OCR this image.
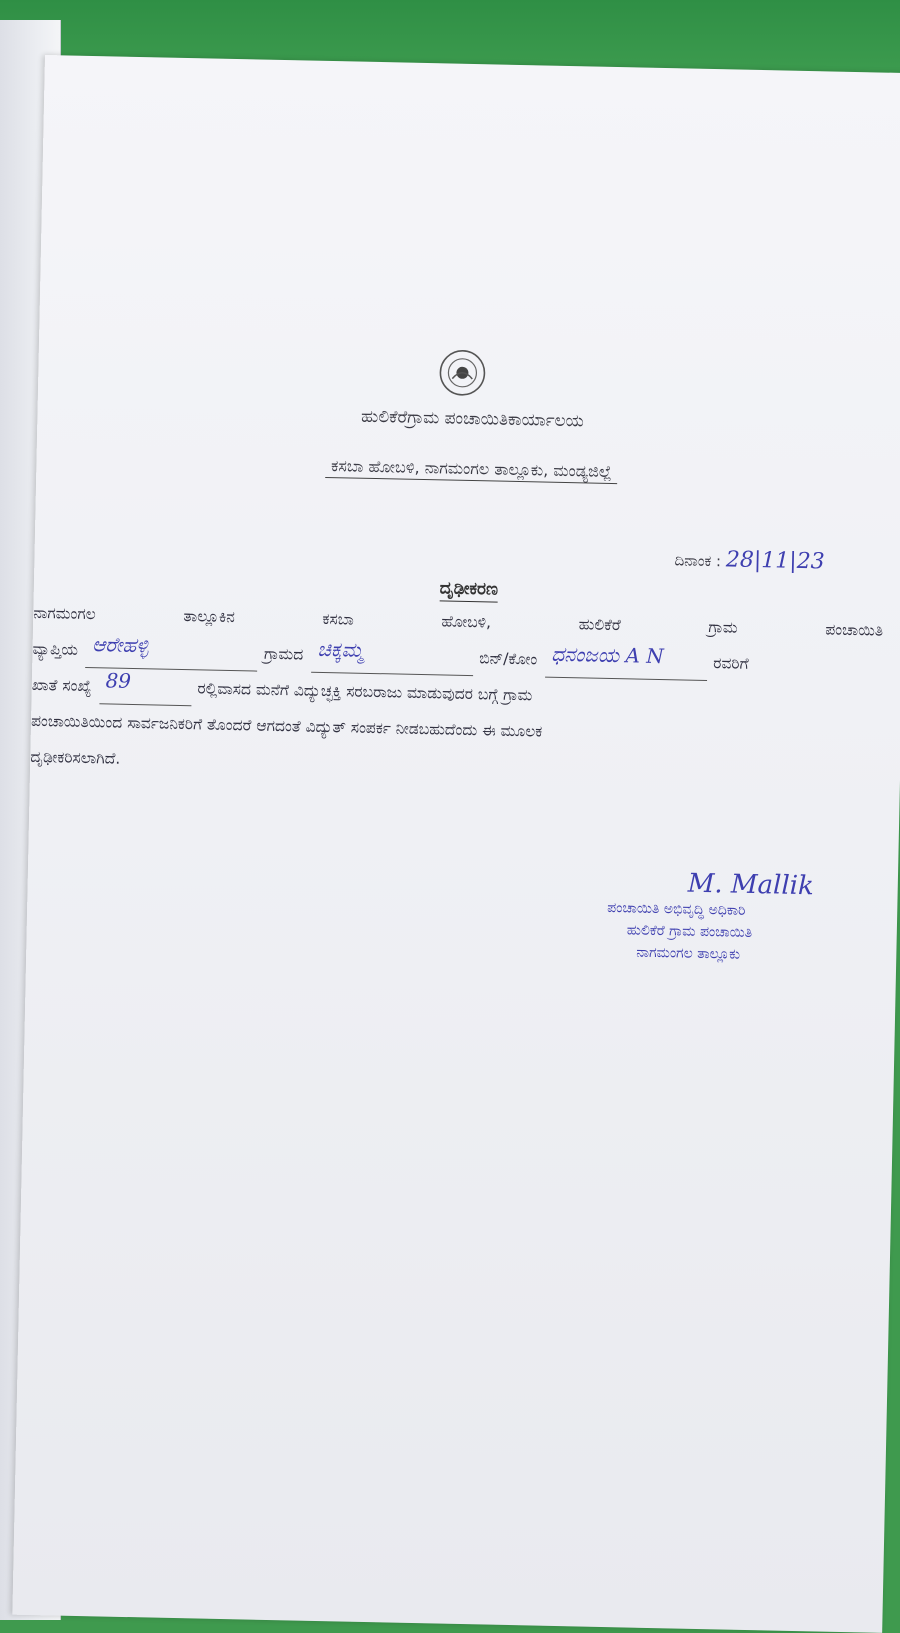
ಹುಲಿಕೆರೆಗ್ರಾಮ ಪಂಚಾಯಿತಿಕಾರ್ಯಾಲಯ
ಕಸಬಾ ಹೋಬಳಿ, ನಾಗಮಂಗಲ ತಾಲ್ಲೂಕು, ಮಂಡ್ಯಜಿಲ್ಲೆ
ದಿನಾಂಕ : 28|11|23
ದೃಢೀಕರಣ
ನಾಗಮಂಗಲ	ತಾಲ್ಲೂಕಿನ	ಕಸಬಾ	ಹೋಬಳಿ,	ಹುಲಿಕೆರೆ	ಗ್ರಾಮ	ಪಂಚಾಯಿತಿ
ವ್ಯಾಪ್ತಿಯ ಆರೇಹಳ್ಳಿ	ಗ್ರಾಮದ ಚಿಕ್ಕಮ್ಮ	ಬಿನ್/ಕೋಂ ಧನಂಜಯ A N	ರವರಿಗೆ
ಖಾತೆ ಸಂಖ್ಯೆ 89	ರಲ್ಲಿವಾಸದ ಮನೆಗೆ ವಿದ್ಯುಚ್ಛಕ್ತಿ ಸರಬರಾಜು ಮಾಡುವುದರ ಬಗ್ಗೆ ಗ್ರಾಮ
ಪಂಚಾಯಿತಿಯಿಂದ ಸಾರ್ವಜನಿಕರಿಗೆ ತೊಂದರೆ ಆಗದಂತೆ ವಿದ್ಯುತ್ ಸಂಪರ್ಕ ನೀಡಬಹುದೆಂದು ಈ ಮೂಲಕ
ದೃಢೀಕರಿಸಲಾಗಿದೆ.
M. Mallik
ಪಂಚಾಯಿತಿ ಅಭಿವೃದ್ಧಿ ಅಧಿಕಾರಿ
ಹುಲಿಕೆರೆ ಗ್ರಾಮ ಪಂಚಾಯಿತಿ
ನಾಗಮಂಗಲ ತಾಲ್ಲೂಕು
